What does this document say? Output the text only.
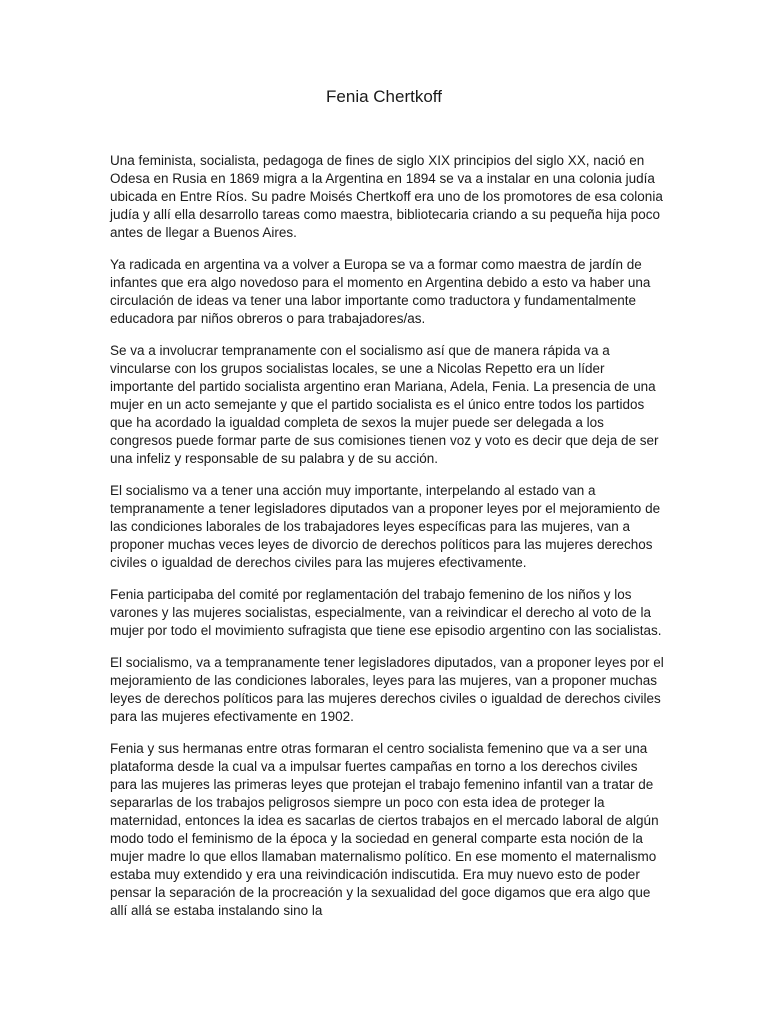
Fenia Chertkoff

Una feminista, socialista, pedagoga de fines de siglo XIX principios del siglo XX, nació en Odesa en Rusia en 1869 migra a la Argentina en 1894 se va a instalar en una colonia judía ubicada en Entre Ríos. Su padre Moisés Chertkoff era uno de los promotores de esa colonia judía y allí ella desarrollo tareas como maestra, bibliotecaria criando a su pequeña hija poco antes de llegar a Buenos Aires.

Ya radicada en argentina va a volver a Europa se va a formar como maestra de jardín de infantes que era algo novedoso para el momento en Argentina debido a esto va haber una circulación de ideas va tener una labor importante como traductora y fundamentalmente educadora par niños obreros o para trabajadores/as.

Se va a involucrar tempranamente con el socialismo así que de manera rápida va a vincularse con los grupos socialistas locales, se une a Nicolas Repetto era un líder importante del partido socialista argentino eran Mariana, Adela, Fenia. La presencia de una mujer en un acto semejante y que el partido socialista es el único entre todos los partidos que ha acordado la igualdad completa de sexos la mujer puede ser delegada a los congresos puede formar parte de sus comisiones tienen voz y voto es decir que deja de ser una infeliz y responsable de su palabra y de su acción.

El socialismo va a tener una acción muy importante, interpelando al estado van a tempranamente a tener legisladores diputados van a proponer leyes por el mejoramiento de las condiciones laborales de los trabajadores leyes específicas para las mujeres, van a proponer muchas veces leyes de divorcio de derechos políticos para las mujeres derechos civiles o igualdad de derechos civiles para las mujeres efectivamente.

Fenia participaba del comité por reglamentación del trabajo femenino de los niños y los varones y las mujeres socialistas, especialmente, van a reivindicar el derecho al voto de la mujer por todo el movimiento sufragista que tiene ese episodio argentino con las socialistas.

El socialismo, va a tempranamente tener legisladores diputados, van a proponer leyes por el mejoramiento de las condiciones laborales, leyes para las mujeres, van a proponer muchas leyes de derechos políticos para las mujeres derechos civiles o igualdad de derechos civiles para las mujeres efectivamente en 1902.

Fenia y sus hermanas entre otras formaran el centro socialista femenino que va a ser una plataforma desde la cual va a impulsar fuertes campañas en torno a los derechos civiles para las mujeres las primeras leyes que protejan el trabajo femenino infantil van a tratar de separarlas de los trabajos peligrosos siempre un poco con esta idea de proteger la maternidad, entonces la idea es sacarlas de ciertos trabajos en el mercado laboral de algún modo todo el feminismo de la época y la sociedad en general comparte esta noción de la mujer madre lo que ellos llamaban maternalismo político. En ese momento el maternalismo estaba muy extendido y era una reivindicación indiscutida. Era muy nuevo esto de poder pensar la separación de la procreación y la sexualidad del goce digamos que era algo que allí allá se estaba instalando sino la
